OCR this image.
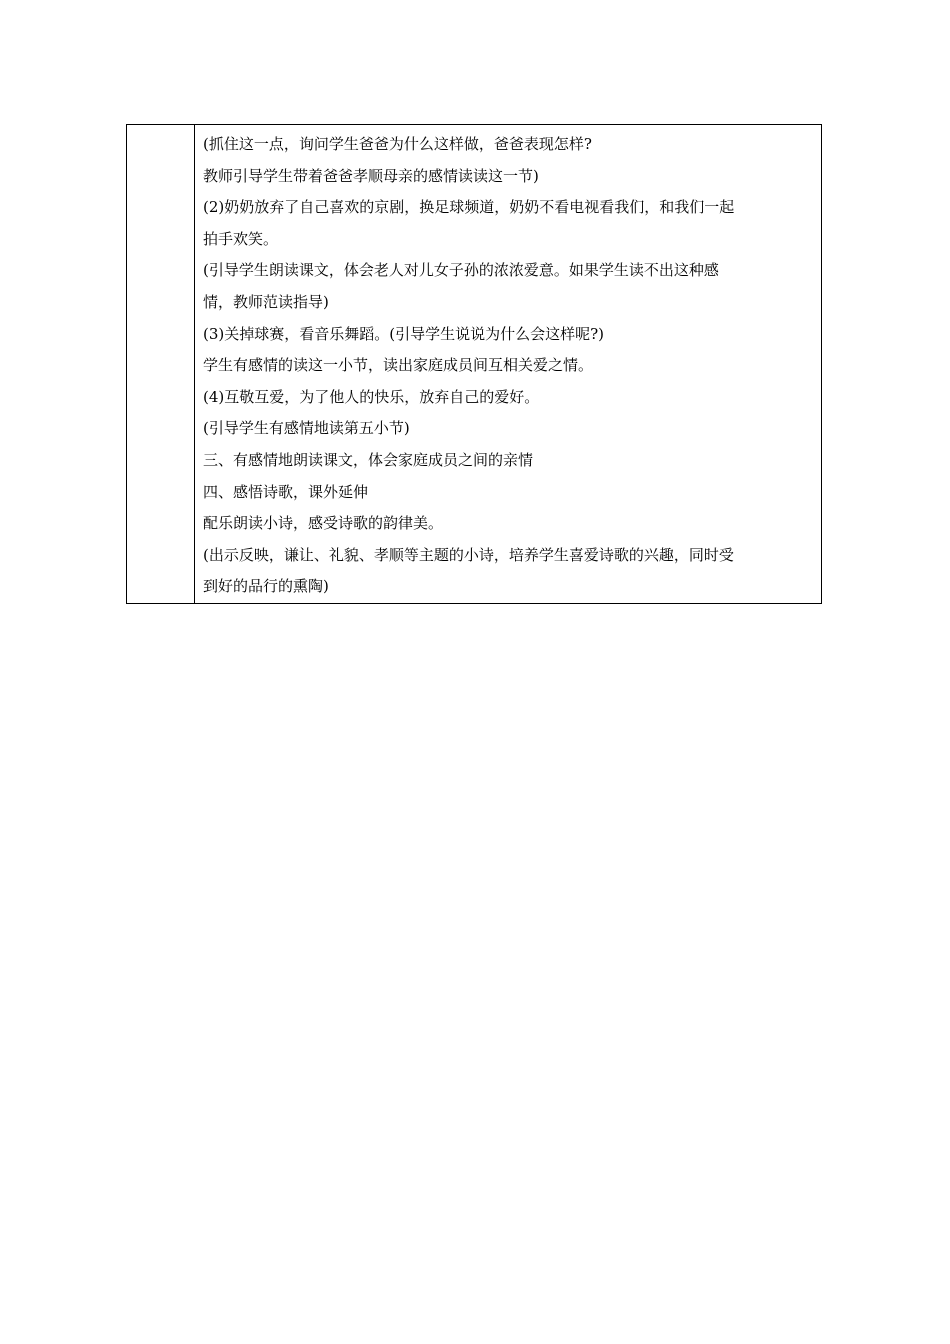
(抓住这一点，询问学生爸爸为什么这样做，爸爸表现怎样?
教师引导学生带着爸爸孝顺母亲的感情读读这一节)
(2)奶奶放弃了自己喜欢的京剧，换足球频道，奶奶不看电视看我们，和我们一起
拍手欢笑。
(引导学生朗读课文，体会老人对儿女子孙的浓浓爱意。如果学生读不出这种感
情，教师范读指导)
(3)关掉球赛，看音乐舞蹈。(引导学生说说为什么会这样呢?)
学生有感情的读这一小节，读出家庭成员间互相关爱之情。
(4)互敬互爱，为了他人的快乐，放弃自己的爱好。
(引导学生有感情地读第五小节)
三、有感情地朗读课文，体会家庭成员之间的亲情
四、感悟诗歌，课外延伸
配乐朗读小诗，感受诗歌的韵律美。
(出示反映，谦让、礼貌、孝顺等主题的小诗，培养学生喜爱诗歌的兴趣，同时受
到好的品行的熏陶)
